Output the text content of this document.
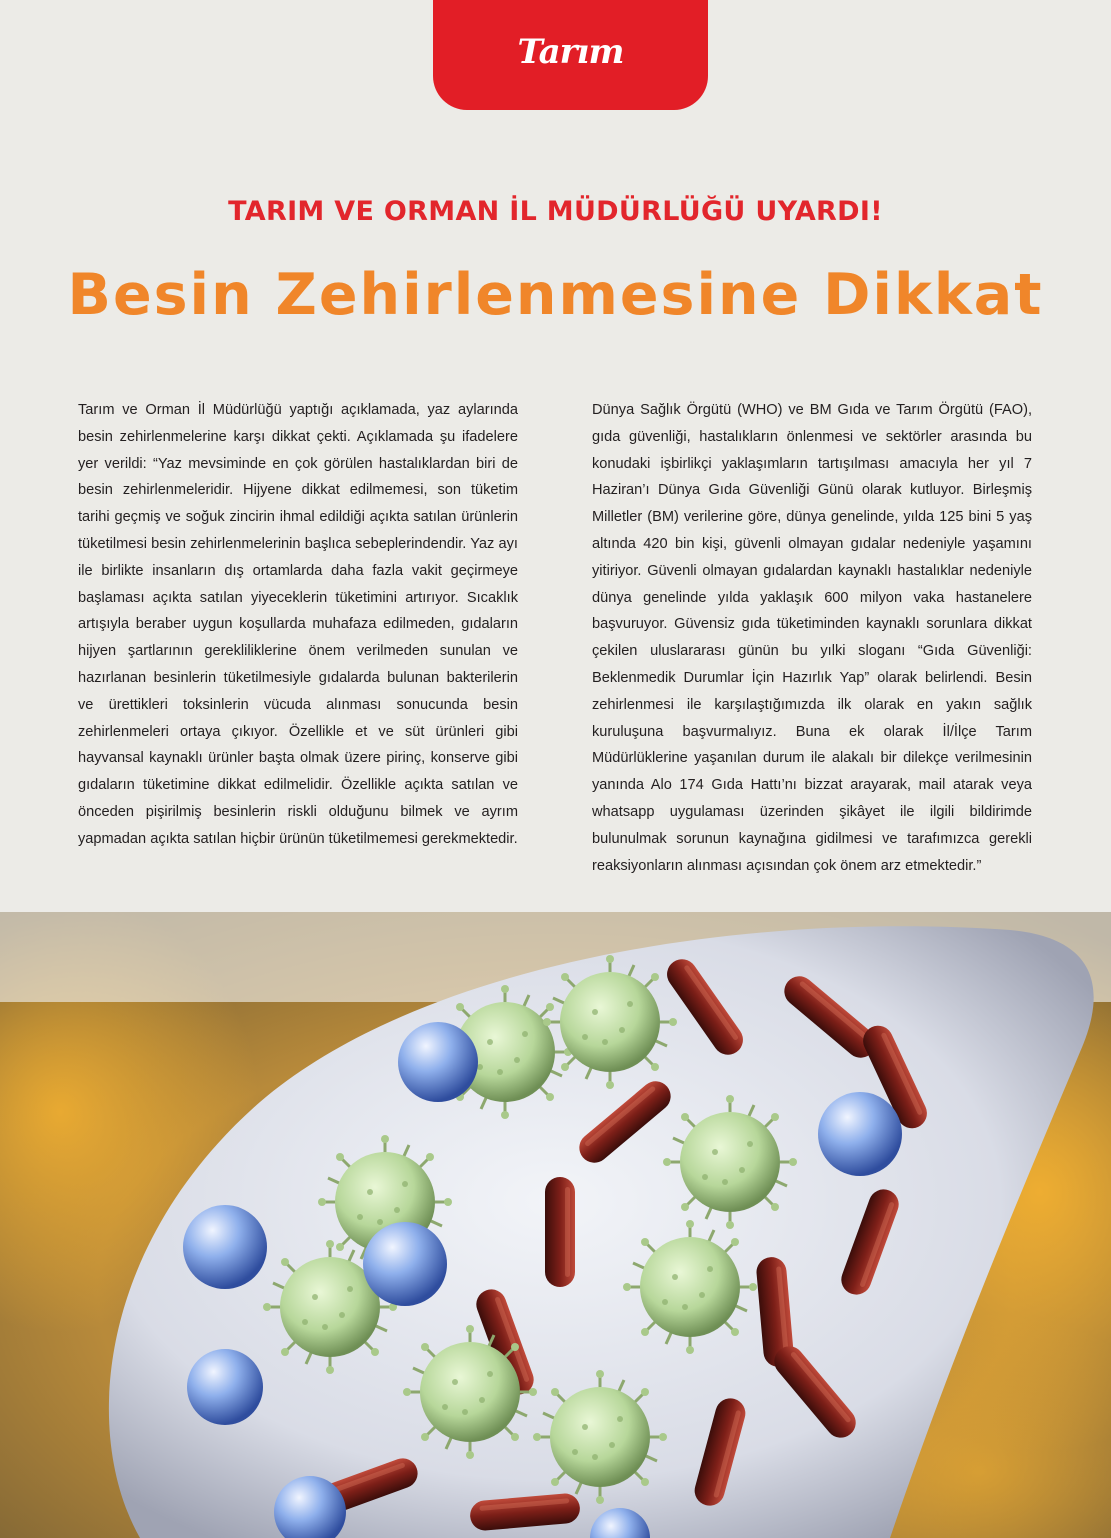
Tarım
TARIM VE ORMAN İL MÜDÜRLÜĞÜ UYARDI!
Besin Zehirlenmesine Dikkat

Tarım ve Orman İl Müdürlüğü yaptığı açıklamada, yaz aylarında besin zehirlenmelerine karşı dikkat çekti. Açıklamada şu ifadelere yer verildi: “Yaz mevsiminde en çok görülen hastalıklardan biri de besin zehirlenmeleridir. Hijyene dikkat edilmemesi, son tüketim tarihi geçmiş ve soğuk zincirin ihmal edildiği açıkta satılan ürünlerin tüketilmesi besin zehirlenmelerinin başlıca sebeplerindendir. Yaz ayı ile birlikte insanların dış ortamlarda daha fazla vakit geçirmeye başlaması açıkta satılan yiyeceklerin tüketimini artırıyor. Sıcaklık artışıyla beraber uygun koşullarda muhafaza edilmeden, gıdaların hijyen şartlarının gerekliliklerine önem verilmeden sunulan ve hazırlanan besinlerin tüketilmesiyle gıdalarda bulunan bakterilerin ve ürettikleri toksinlerin vücuda alınması sonucunda besin zehirlenmeleri ortaya çıkıyor. Özellikle et ve süt ürünleri gibi hayvansal kaynaklı ürünler başta olmak üzere pirinç, konserve gibi gıdaların tüketimine dikkat edilmelidir. Özellikle açıkta satılan ve önceden pişirilmiş besinlerin riskli olduğunu bilmek ve ayrım yapmadan açıkta satılan hiçbir ürünün tüketilmemesi gerekmektedir.

Dünya Sağlık Örgütü (WHO) ve BM Gıda ve Tarım Örgütü (FAO), gıda güvenliği, hastalıkların önlenmesi ve sektörler arasında bu konudaki işbirlikçi yaklaşımların tartışılması amacıyla her yıl 7 Haziran’ı Dünya Gıda Güvenliği Günü olarak kutluyor. Birleşmiş Milletler (BM) verilerine göre, dünya genelinde, yılda 125 bini 5 yaş altında 420 bin kişi, güvenli olmayan gıdalar nedeniyle yaşamını yitiriyor. Güvenli olmayan gıdalardan kaynaklı hastalıklar nedeniyle dünya genelinde yılda yaklaşık 600 milyon vaka hastanelere başvuruyor. Güvensiz gıda tüketiminden kaynaklı sorunlara dikkat çekilen uluslararası günün bu yılki sloganı “Gıda Güvenliği: Beklenmedik Durumlar İçin Hazırlık Yap” olarak belirlendi. Besin zehirlenmesi ile karşılaştığımızda ilk olarak en yakın sağlık kuruluşuna başvurmalıyız. Buna ek olarak İl/İlçe Tarım Müdürlüklerine yaşanılan durum ile alakalı bir dilekçe verilmesinin yanında Alo 174 Gıda Hattı’nı bizzat arayarak, mail atarak veya whatsapp uygulaması üzerinden şikâyet ile ilgili bildirimde bulunulmak sorunun kaynağına gidilmesi ve tarafımızca gerekli reaksiyonların alınması açısından çok önem arz etmektedir.”
